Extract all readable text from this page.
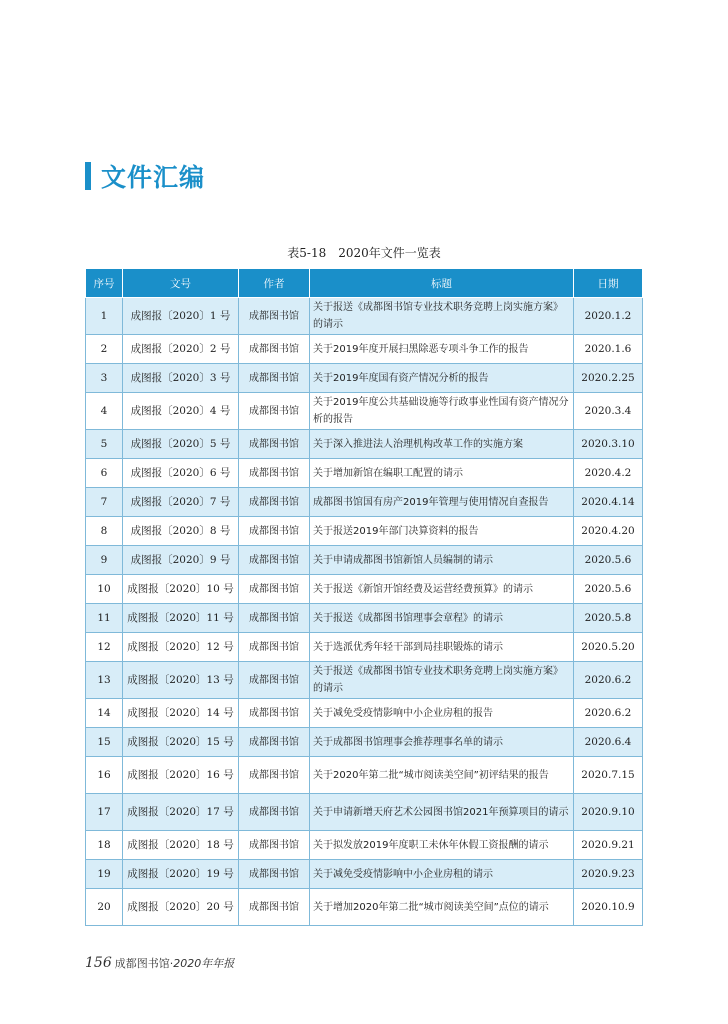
文件汇编
表5-18　2020年文件一览表
序号	文号	作者	标题	日期
1	成图报〔2020〕1 号	成都图书馆	关于报送《成都图书馆专业技术职务竞聘上岗实施方案》的请示	2020.1.2
2	成图报〔2020〕2 号	成都图书馆	关于2019年度开展扫黑除恶专项斗争工作的报告	2020.1.6
3	成图报〔2020〕3 号	成都图书馆	关于2019年度国有资产情况分析的报告	2020.2.25
4	成图报〔2020〕4 号	成都图书馆	关于2019年度公共基础设施等行政事业性国有资产情况分析的报告	2020.3.4
5	成图报〔2020〕5 号	成都图书馆	关于深入推进法人治理机构改革工作的实施方案	2020.3.10
6	成图报〔2020〕6 号	成都图书馆	关于增加新馆在编职工配置的请示	2020.4.2
7	成图报〔2020〕7 号	成都图书馆	成都图书馆国有房产2019年管理与使用情况自查报告	2020.4.14
8	成图报〔2020〕8 号	成都图书馆	关于报送2019年部门决算资料的报告	2020.4.20
9	成图报〔2020〕9 号	成都图书馆	关于申请成都图书馆新馆人员编制的请示	2020.5.6
10	成图报〔2020〕10 号	成都图书馆	关于报送《新馆开馆经费及运营经费预算》的请示	2020.5.6
11	成图报〔2020〕11 号	成都图书馆	关于报送《成都图书馆理事会章程》的请示	2020.5.8
12	成图报〔2020〕12 号	成都图书馆	关于选派优秀年轻干部到局挂职锻炼的请示	2020.5.20
13	成图报〔2020〕13 号	成都图书馆	关于报送《成都图书馆专业技术职务竞聘上岗实施方案》的请示	2020.6.2
14	成图报〔2020〕14 号	成都图书馆	关于减免受疫情影响中小企业房租的报告	2020.6.2
15	成图报〔2020〕15 号	成都图书馆	关于成都图书馆理事会推荐理事名单的请示	2020.6.4
16	成图报〔2020〕16 号	成都图书馆	关于2020年第二批“城市阅读美空间”初评结果的报告	2020.7.15
17	成图报〔2020〕17 号	成都图书馆	关于申请新增天府艺术公园图书馆2021年预算项目的请示	2020.9.10
18	成图报〔2020〕18 号	成都图书馆	关于拟发放2019年度职工未休年休假工资报酬的请示	2020.9.21
19	成图报〔2020〕19 号	成都图书馆	关于减免受疫情影响中小企业房租的请示	2020.9.23
20	成图报〔2020〕20 号	成都图书馆	关于增加2020年第二批“城市阅读美空间”点位的请示	2020.10.9
156 成都图书馆·2020年年报
